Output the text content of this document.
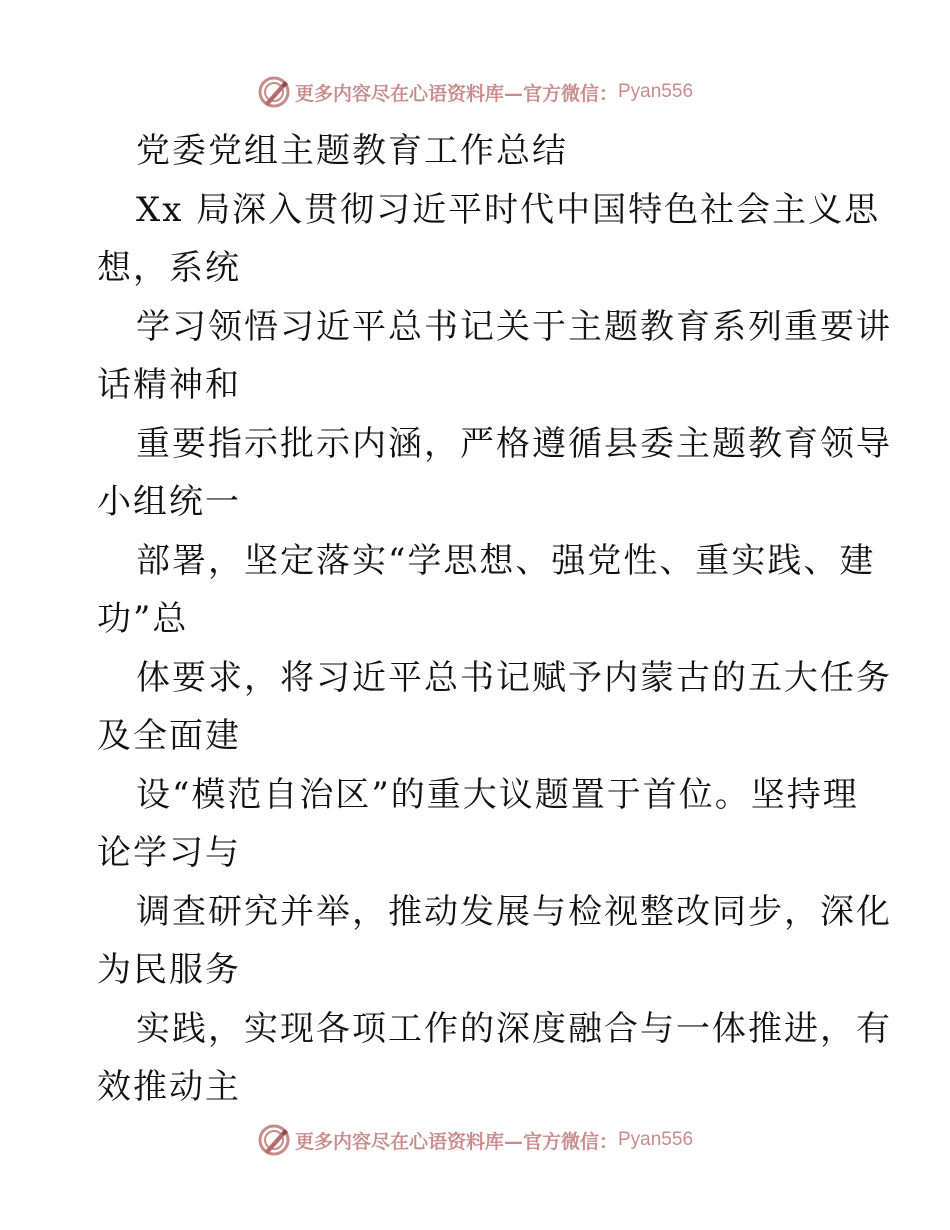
更多内容尽在心语资料库—官方微信： Pyan556
党委党组主题教育工作总结
Xx 局深入贯彻习近平时代中国特色社会主义思
想，系统
学习领悟习近平总书记关于主题教育系列重要讲
话精神和
重要指示批示内涵，严格遵循县委主题教育领导
小组统一
部署，坚定落实“学思想、强党性、重实践、建
功”总
体要求，将习近平总书记赋予内蒙古的五大任务
及全面建
设“模范自治区”的重大议题置于首位。坚持理
论学习与
调查研究并举，推动发展与检视整改同步，深化
为民服务
实践，实现各项工作的深度融合与一体推进，有
效推动主
更多内容尽在心语资料库—官方微信： Pyan556
